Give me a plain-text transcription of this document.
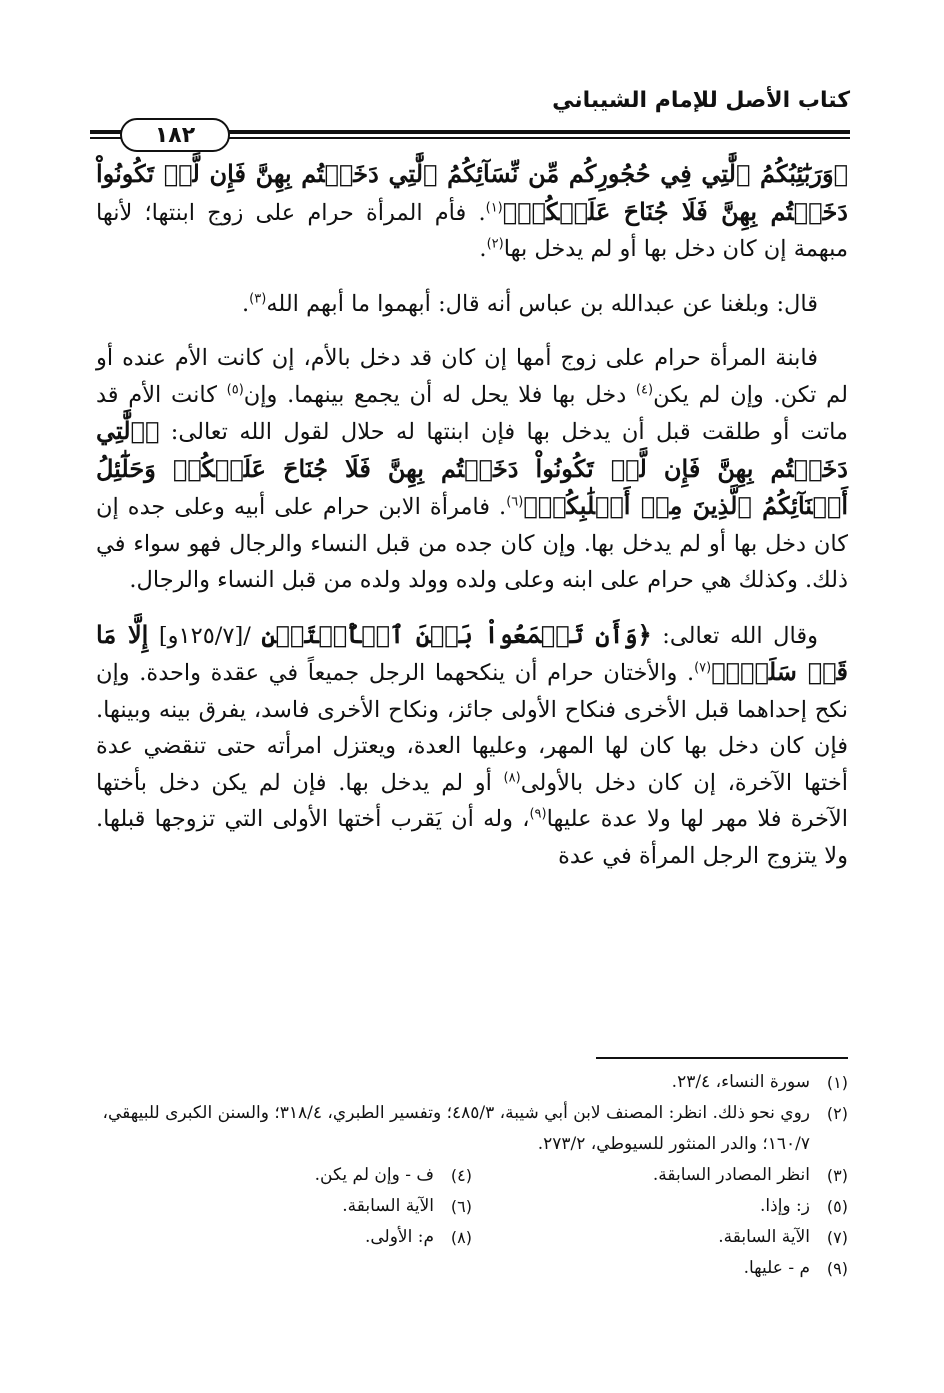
كتاب الأصل للإمام الشيباني
١٨٢

﴿وَرَبَٰٓئِبُكُمُ ٱلَّٰتِي فِي حُجُورِكُم مِّن نِّسَآئِكُمُ ٱلَّٰتِي دَخَلۡتُم بِهِنَّ فَإِن لَّمۡ تَكُونُواْ دَخَلۡتُم بِهِنَّ فَلَا جُنَاحَ عَلَيۡكُمۡ﴾$^{(١)}$. فأم المرأة حرام على زوج ابنتها؛ لأنها مبهمة إن كان دخل بها أو لم يدخل بها$^{(٢)}$.

قال: وبلغنا عن عبدالله بن عباس أنه قال: أبهموا ما أبهم الله$^{(٣)}$.

فابنة المرأة حرام على زوج أمها إن كان قد دخل بالأم، إن كانت الأم عنده أو لم تكن. وإن لم يكن$^{(٤)}$ دخل بها فلا يحل له أن يجمع بينهما. وإن$^{(٥)}$ كانت الأم قد ماتت أو طلقت قبل أن يدخل بها فإن ابنتها له حلال لقول الله تعالى: ﴿ٱلَّٰتِي دَخَلۡتُم بِهِنَّ فَإِن لَّمۡ تَكُونُواْ دَخَلۡتُم بِهِنَّ فَلَا جُنَاحَ عَلَيۡكُمۡ وَحَلَٰٓئِلُ أَبۡنَآئِكُمُ ٱلَّذِينَ مِنۡ أَصۡلَٰبِكُمۡ﴾$^{(٦)}$. فامرأة الابن حرام على أبيه وعلى جده إن كان دخل بها أو لم يدخل بها. وإن كان جده من قبل النساء والرجال فهو سواء في ذلك. وكذلك هي حرام على ابنه وعلى ولده وولد ولده من قبل النساء والرجال.

وقال الله تعالى: ﴿وَأَن تَجۡمَعُواْ بَيۡنَ ٱلۡأُخۡتَيۡنِ /[١٢٥/٧و] إِلَّا مَا قَدۡ سَلَفَۗ﴾$^{(٧)}$. والأختان حرام أن ينكحهما الرجل جميعاً في عقدة واحدة. وإن نكح إحداهما قبل الأخرى فنكاح الأولى جائز، ونكاح الأخرى فاسد، يفرق بينه وبينها. فإن كان دخل بها كان لها المهر، وعليها العدة، ويعتزل امرأته حتى تنقضي عدة أختها الآخرة، إن كان دخل بالأولى$^{(٨)}$ أو لم يدخل بها. فإن لم يكن دخل بأختها الآخرة فلا مهر لها ولا عدة عليها$^{(٩)}$، وله أن يَقرب أختها الأولى التي تزوجها قبلها. ولا يتزوج الرجل المرأة في عدة

(١)
سورة النساء، ٢٣/٤.
(٢)
روي نحو ذلك. انظر: المصنف لابن أبي شيبة، ٤٨٥/٣؛ وتفسير الطبري، ٣١٨/٤؛ والسنن الكبرى للبيهقي، ١٦٠/٧؛ والدر المنثور للسيوطي، ٢٧٣/٢.
(٣)
انظر المصادر السابقة.
(٤)
ف - وإن لم يكن.
(٥)
ز: وإذا.
(٦)
الآية السابقة.
(٧)
الآية السابقة.
(٨)
م: الأولى.
(٩)
م - عليها.
